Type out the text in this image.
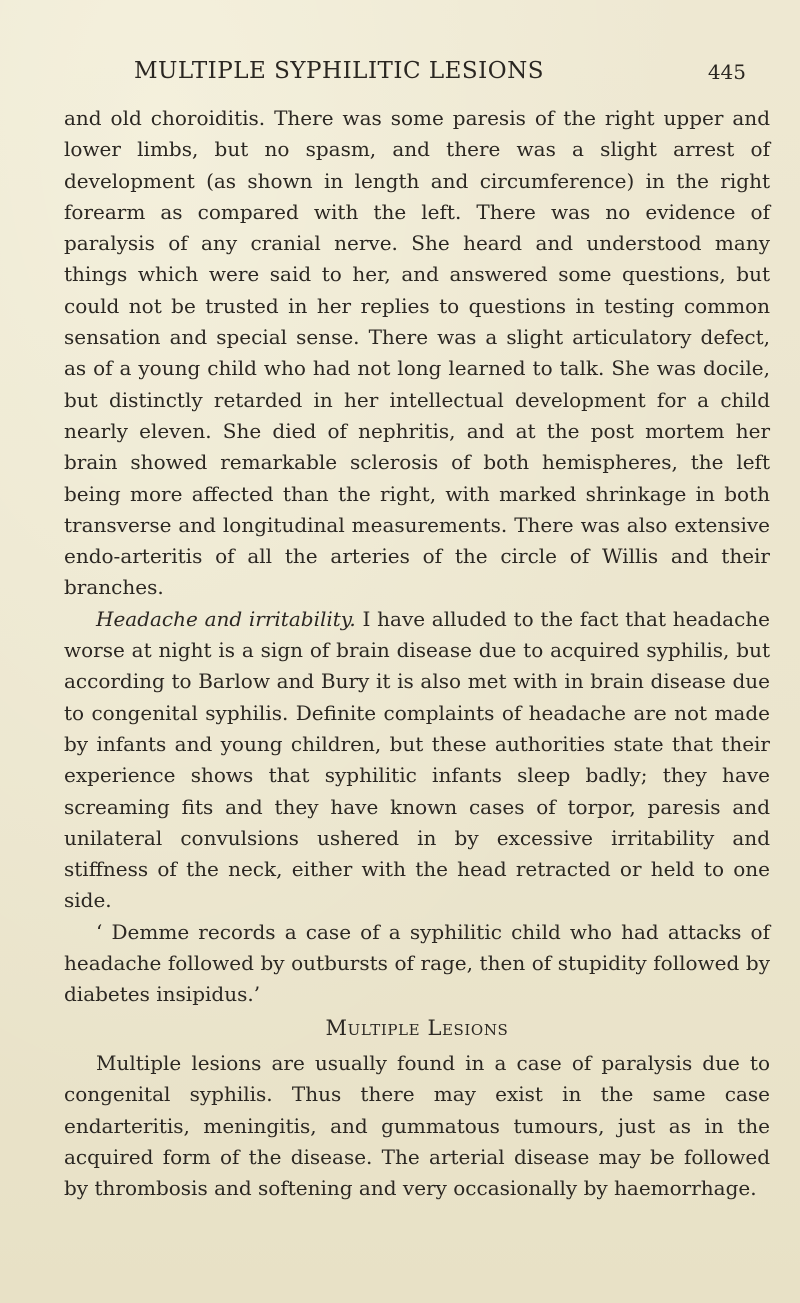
MULTIPLE SYPHILITIC LESIONS	445

and old choroiditis. There was some paresis of the right upper and lower limbs, but no spasm, and there was a slight arrest of development (as shown in length and circumference) in the right forearm as compared with the left. There was no evidence of paralysis of any cranial nerve. She heard and understood many things which were said to her, and answered some questions, but could not be trusted in her replies to questions in testing common sensation and special sense. There was a slight articulatory defect, as of a young child who had not long learned to talk. She was docile, but distinctly retarded in her intellectual development for a child nearly eleven. She died of nephritis, and at the post mortem her brain showed remarkable sclerosis of both hemispheres, the left being more affected than the right, with marked shrinkage in both transverse and longitudinal measurements. There was also extensive endo-arteritis of all the arteries of the circle of Willis and their branches.

Headache and irritability. I have alluded to the fact that headache worse at night is a sign of brain disease due to acquired syphilis, but according to Barlow and Bury it is also met with in brain disease due to congenital syphilis. Definite complaints of headache are not made by infants and young children, but these authorities state that their experience shows that syphilitic infants sleep badly; they have screaming fits and they have known cases of torpor, paresis and unilateral convulsions ushered in by excessive irritability and stiffness of the neck, either with the head retracted or held to one side.

‘ Demme records a case of a syphilitic child who had attacks of headache followed by outbursts of rage, then of stupidity followed by diabetes insipidus.’

Multiple Lesions

Multiple lesions are usually found in a case of paralysis due to congenital syphilis. Thus there may exist in the same case endarteritis, meningitis, and gummatous tumours, just as in the acquired form of the disease. The arterial disease may be followed by thrombosis and softening and very occasionally by haemorrhage.
